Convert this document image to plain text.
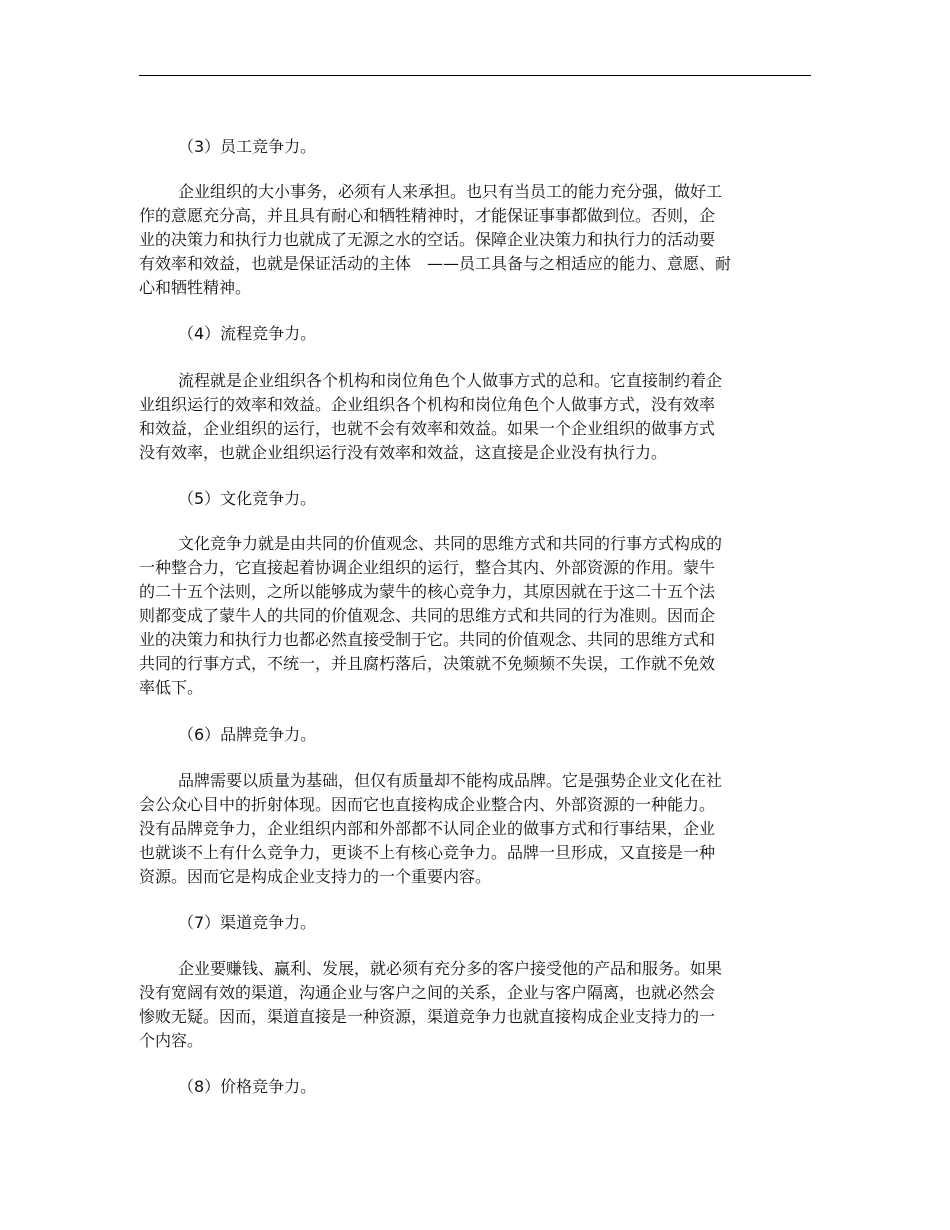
（3）员工竞争力。

企业组织的大小事务，必须有人来承担。也只有当员工的能力充分强，做好工
作的意愿充分高，并且具有耐心和牺牲精神时，才能保证事事都做到位。否则，企
业的决策力和执行力也就成了无源之水的空话。保障企业决策力和执行力的活动要
有效率和效益，也就是保证活动的主体　——员工具备与之相适应的能力、意愿、耐
心和牺牲精神。

（4）流程竞争力。

流程就是企业组织各个机构和岗位角色个人做事方式的总和。它直接制约着企
业组织运行的效率和效益。企业组织各个机构和岗位角色个人做事方式，没有效率
和效益，企业组织的运行，也就不会有效率和效益。如果一个企业组织的做事方式
没有效率，也就企业组织运行没有效率和效益，这直接是企业没有执行力。

（5）文化竞争力。

文化竞争力就是由共同的价值观念、共同的思维方式和共同的行事方式构成的
一种整合力，它直接起着协调企业组织的运行，整合其内、外部资源的作用。蒙牛
的二十五个法则，之所以能够成为蒙牛的核心竞争力，其原因就在于这二十五个法
则都变成了蒙牛人的共同的价值观念、共同的思维方式和共同的行为准则。因而企
业的决策力和执行力也都必然直接受制于它。共同的价值观念、共同的思维方式和
共同的行事方式，不统一，并且腐朽落后，决策就不免频频不失误，工作就不免效
率低下。

（6）品牌竞争力。

品牌需要以质量为基础，但仅有质量却不能构成品牌。它是强势企业文化在社
会公众心目中的折射体现。因而它也直接构成企业整合内、外部资源的一种能力。
没有品牌竞争力，企业组织内部和外部都不认同企业的做事方式和行事结果，企业
也就谈不上有什么竞争力，更谈不上有核心竞争力。品牌一旦形成，又直接是一种
资源。因而它是构成企业支持力的一个重要内容。

（7）渠道竞争力。

企业要赚钱、赢利、发展，就必须有充分多的客户接受他的产品和服务。如果
没有宽阔有效的渠道，沟通企业与客户之间的关系，企业与客户隔离，也就必然会
惨败无疑。因而，渠道直接是一种资源，渠道竞争力也就直接构成企业支持力的一
个内容。

（8）价格竞争力。
